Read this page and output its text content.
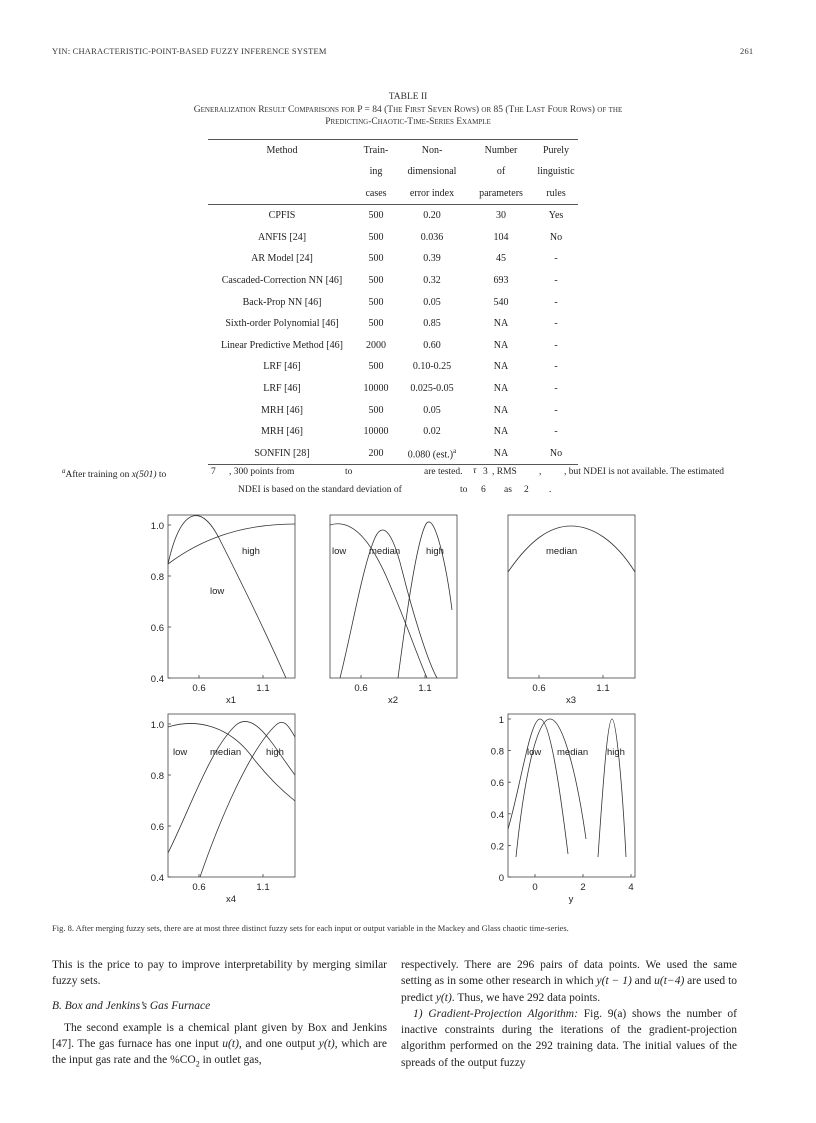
YIN: CHARACTERISTIC-POINT-BASED FUZZY INFERENCE SYSTEM	261
TABLE II
Generalization Result Comparisons for P = 84 (The First Seven Rows) or 85 (The Last Four Rows) of the
Predicting-Chaotic-Time-Series Example
Method	Train-	Non-	Number	Purely
	ing	dimensional	of	linguistic
	cases	error index	parameters	rules
CPFIS	500	0.20	30	Yes
ANFIS [24]	500	0.036	104	No
AR Model [24]	500	0.39	45	-
Cascaded-Correction NN [46]	500	0.32	693	-
Back-Prop NN [46]	500	0.05	540	-
Sixth-order Polynomial [46]	500	0.85	NA	-
Linear Predictive Method [46]	2000	0.60	NA	-
LRF [46]	500	0.10-0.25	NA	-
LRF [46]	10000	0.025-0.05	NA	-
MRH [46]	500	0.05	NA	-
MRH [46]	10000	0.02	NA	-
SONFIN [28]	200	0.080 $(est.)^a$	NA	No
$^a$After training on x(501) to	7 , 300 points from	to	are tested. τ 3 , RMS , , but NDEI is not available. The estimated
NDEI is based on the standard deviation of	to 6 as 2 .
1.0
0.8
0.6
0.4
0.6	1.1
x1
high
low
0.6	1.1
x2
low median	high
0.6	1.1
x3
median
1.0
0.8
0.6
0.4
0.6	1.1
x4
low median	high
1
0.8
0.6
0.4
0.2
0
0	2	4
y
low median high
Fig. 8. After merging fuzzy sets, there are at most three distinct fuzzy sets for each input or output variable in the Mackey and Glass chaotic time-series.

This is the price to pay to improve interpretability by merging similar fuzzy sets.

B. Box and Jenkins’s Gas Furnace

The second example is a chemical plant given by Box and Jenkins [47]. The gas furnace has one input u(t), and one output y(t), which are the input gas rate and the $\%CO_2$ in outlet gas,

respectively. There are 296 pairs of data points. We used the same setting as in some other research in which y(t − 1) and u(t−4) are used to predict y(t). Thus, we have 292 data points.

1) Gradient-Projection Algorithm: Fig. 9(a) shows the number of inactive constraints during the iterations of the gradient-projection algorithm performed on the 292 training data. The initial values of the spreads of the output fuzzy
